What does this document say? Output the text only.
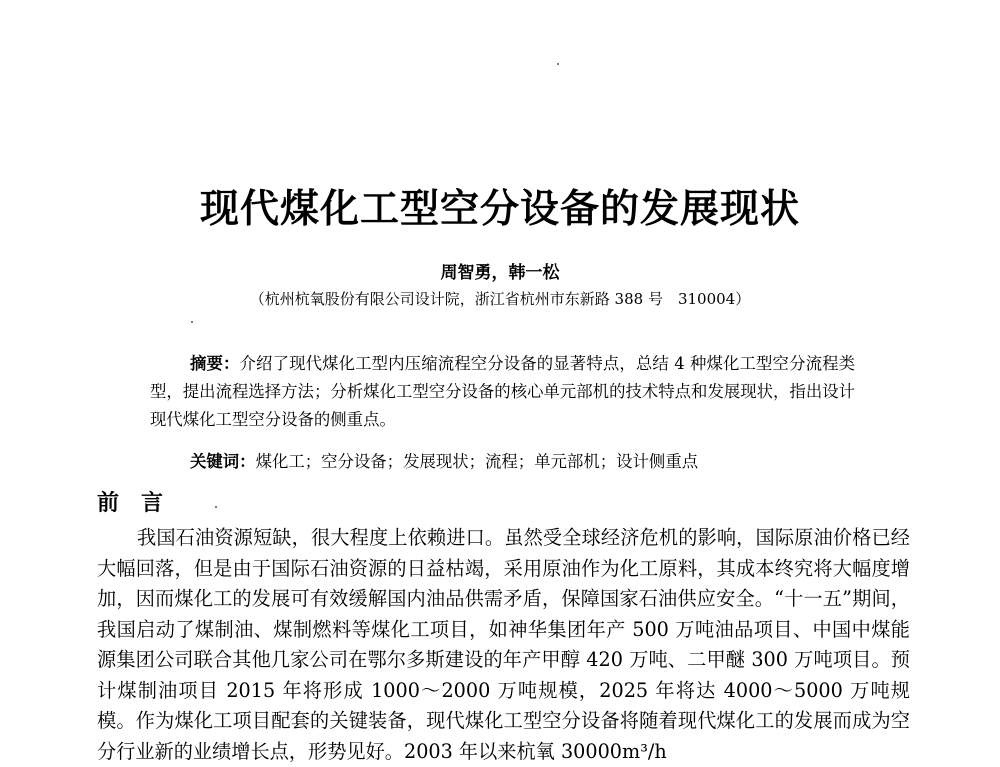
现代煤化工型空分设备的发展现状
周智勇，韩一松
（杭州杭氧股份有限公司设计院，浙江省杭州市东新路 388 号　310004）
摘要：介绍了现代煤化工型内压缩流程空分设备的显著特点，总结 4 种煤化工型空分流程类型，提出流程选择方法；分析煤化工型空分设备的核心单元部机的技术特点和发展现状，指出设计现代煤化工型空分设备的侧重点。
关键词：煤化工；空分设备；发展现状；流程；单元部机；设计侧重点
前言
我国石油资源短缺，很大程度上依赖进口。虽然受全球经济危机的影响，国际原油价格已经大幅回落，但是由于国际石油资源的日益枯竭，采用原油作为化工原料，其成本终究将大幅度增加，因而煤化工的发展可有效缓解国内油品供需矛盾，保障国家石油供应安全。“十一五”期间，我国启动了煤制油、煤制燃料等煤化工项目，如神华集团年产 500 万吨油品项目、中国中煤能源集团公司联合其他几家公司在鄂尔多斯建设的年产甲醇 420 万吨、二甲醚 300 万吨项目。预计煤制油项目 2015 年将形成 1000～2000 万吨规模，2025 年将达 4000～5000 万吨规模。作为煤化工项目配套的关键装备，现代煤化工型空分设备将随着现代煤化工的发展而成为空分行业新的业绩增长点，形势见好。2003 年以来杭氧 30000m³/h
